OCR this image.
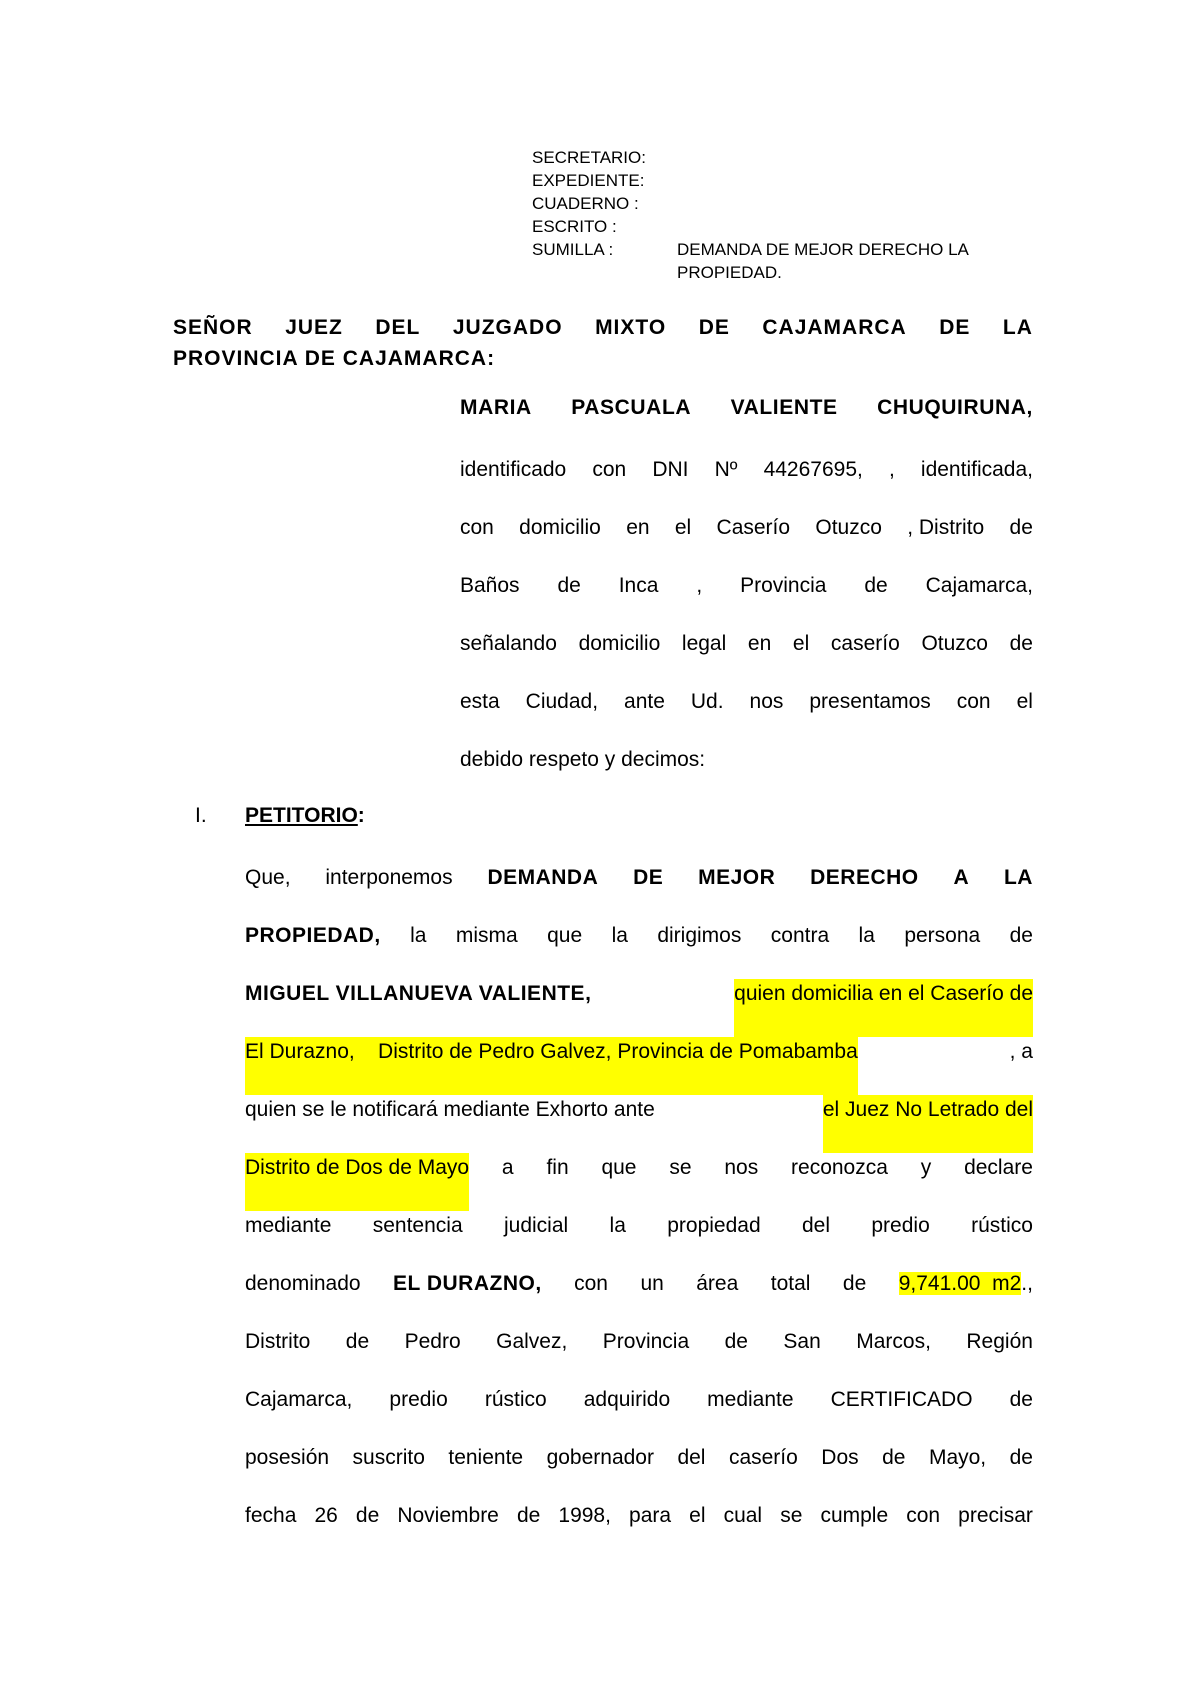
SECRETARIO:
EXPEDIENTE:
CUADERNO :
ESCRITO :
SUMILLA :	DEMANDA DE MEJOR DERECHO LA PROPIEDAD.
SEÑOR JUEZ DEL JUZGADO MIXTO DE CAJAMARCA DE LA
PROVINCIA DE CAJAMARCA:
MARIA PASCUALA VALIENTE CHUQUIRUNA,
identificado con DNI Nº 44267695, , identificada,
con domicilio en el Caserío Otuzco , Distrito de
Baños de Inca , Provincia de Cajamarca,
señalando domicilio legal en el caserío Otuzco de
esta Ciudad, ante Ud. nos presentamos con el
debido respeto y decimos:
I.	PETITORIO:
Que, interponemos DEMANDA DE MEJOR DERECHO A LA
PROPIEDAD, la misma que la dirigimos contra la persona de
MIGUEL VILLANUEVA VALIENTE,	quien domicilia en el Caserío de
El Durazno,    Distrito de Pedro Galvez, Provincia de Pomabamba	, a
quien se le notificará mediante Exhorto ante	el Juez No Letrado del
Distrito de Dos de Mayo a fin que se nos reconozca y declare
mediante sentencia judicial la propiedad del predio rústico
denominado EL DURAZNO, con un área total de 9,741.00  m2.,
Distrito de Pedro Galvez, Provincia de San Marcos, Región
Cajamarca, predio rústico adquirido mediante CERTIFICADO de
posesión suscrito teniente gobernador del caserío Dos de Mayo, de
fecha 26 de Noviembre de 1998, para el cual se cumple con precisar
